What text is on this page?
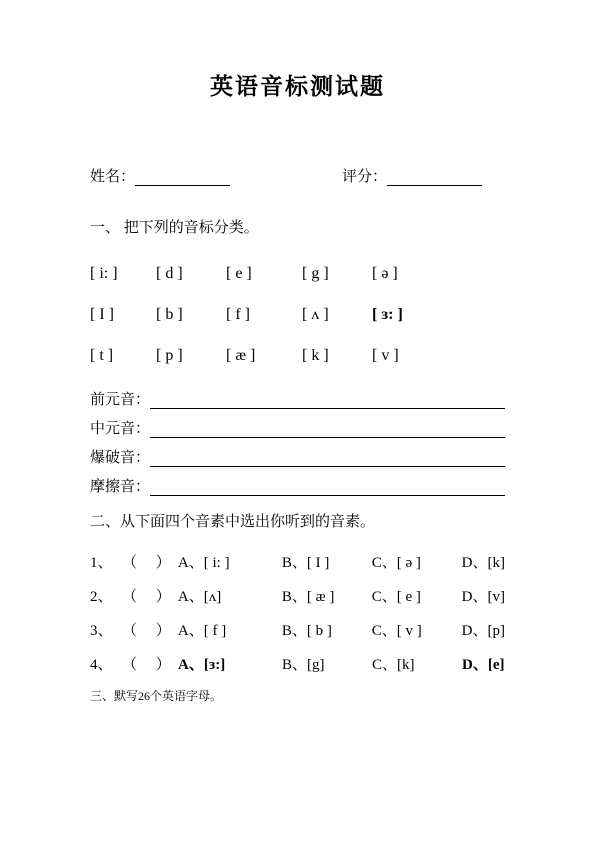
英语音标测试题
姓名：	评分：
一、 把下列的音标分类。
[ i: ]	[ d ]	[ e ]	[ g ]	[ ə ]
[ I ]	[ b ]	[ f ]	[ ʌ ]	[ ɜ: ]
[ t ]	[ p ]	[ æ ]	[ k ]	[ v ]
前元音：
中元音：
爆破音：
摩擦音：
二、从下面四个音素中选出你听到的音素。
1、 （     ） A、[ i: ]	B、[ I ]	C、[ ə ]	D、[k]
2、 （     ） A、[ʌ]	B、[ æ ]	C、[ e ]	D、[v]
3、 （     ） A、[ f ]	B、[ b ]	C、[ v ]	D、[p]
4、 （     ） A、[ɜ:]	B、[g]	C、[k]	D、[e]
三、默写26个英语字母。
